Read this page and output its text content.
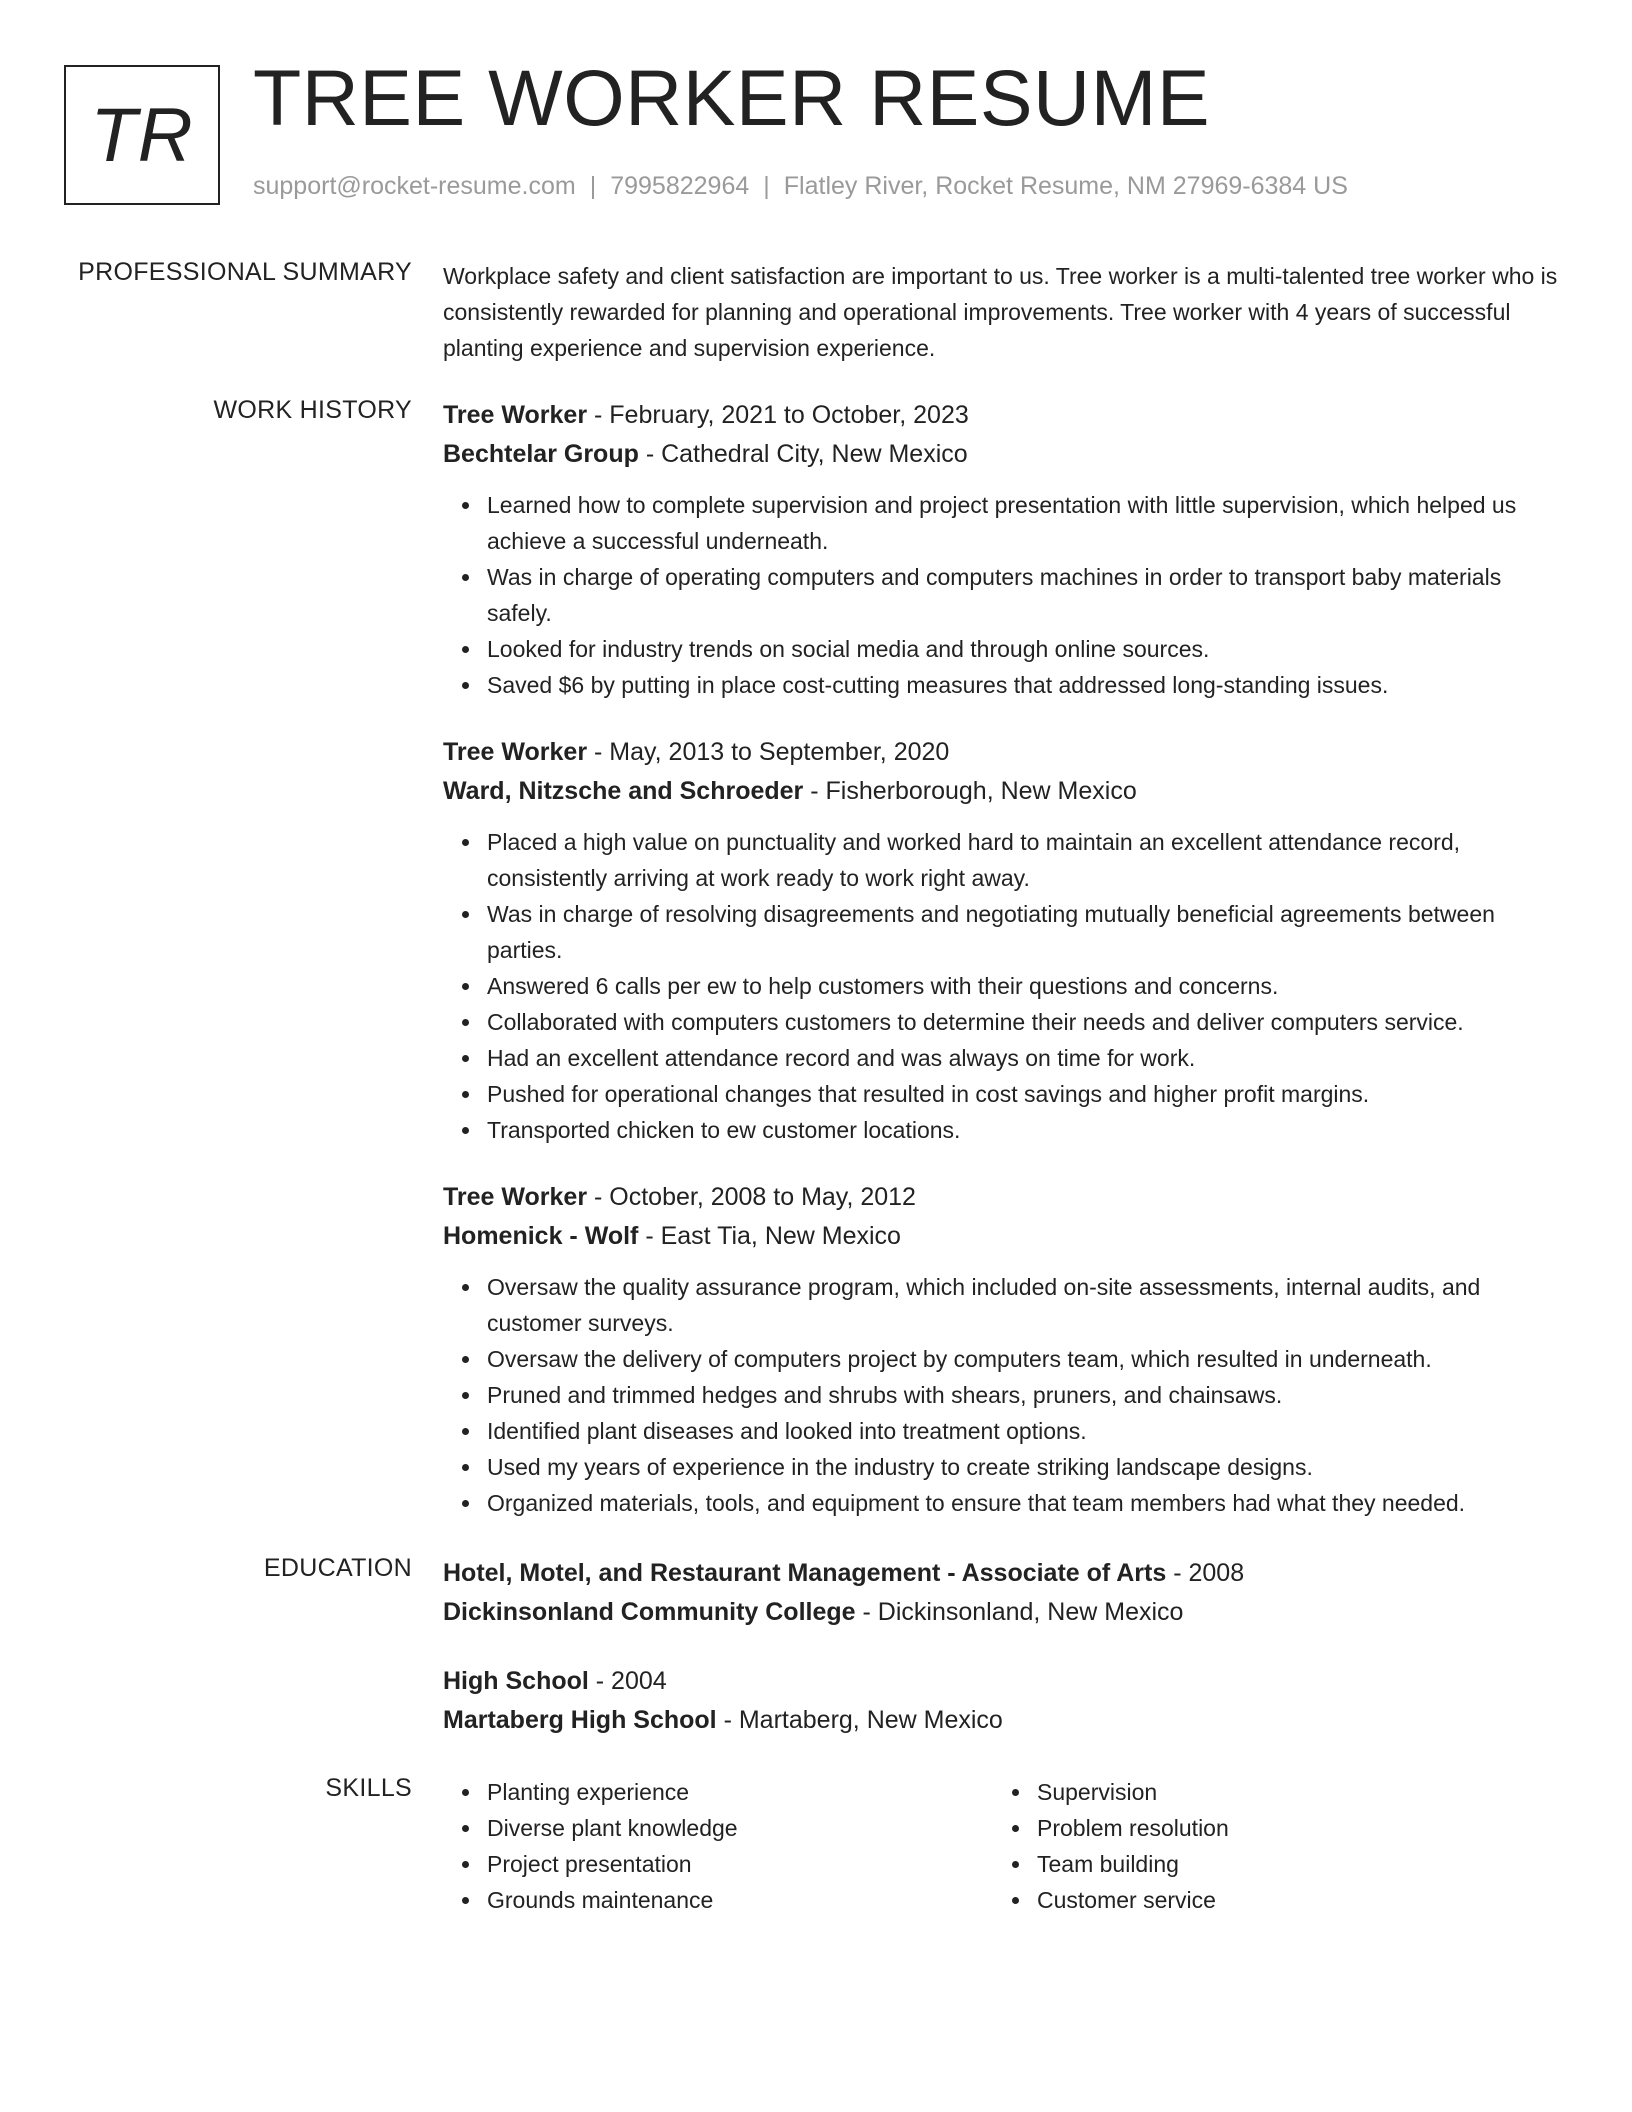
TR TREE WORKER RESUME
support@rocket-resume.com | 7995822964 | Flatley River, Rocket Resume, NM 27969-6384 US
PROFESSIONAL SUMMARY Workplace safety and client satisfaction are important to us. Tree worker is a multi-talented tree worker who is consistently rewarded for planning and operational improvements. Tree worker with 4 years of successful planting experience and supervision experience.

WORK HISTORY Tree Worker - February, 2021 to October, 2023
Bechtelar Group - Cathedral City, New Mexico
Learned how to complete supervision and project presentation with little supervision, which helped us achieve a successful underneath.
Was in charge of operating computers and computers machines in order to transport baby materials safely.
Looked for industry trends on social media and through online sources.
Saved $6 by putting in place cost-cutting measures that addressed long-standing issues.
Tree Worker - May, 2013 to September, 2020
Ward, Nitzsche and Schroeder - Fisherborough, New Mexico
Placed a high value on punctuality and worked hard to maintain an excellent attendance record, consistently arriving at work ready to work right away.
Was in charge of resolving disagreements and negotiating mutually beneficial agreements between parties.
Answered 6 calls per ew to help customers with their questions and concerns.
Collaborated with computers customers to determine their needs and deliver computers service.
Had an excellent attendance record and was always on time for work.
Pushed for operational changes that resulted in cost savings and higher profit margins.
Transported chicken to ew customer locations.
Tree Worker - October, 2008 to May, 2012
Homenick - Wolf - East Tia, New Mexico
Oversaw the quality assurance program, which included on-site assessments, internal audits, and customer surveys.
Oversaw the delivery of computers project by computers team, which resulted in underneath.
Pruned and trimmed hedges and shrubs with shears, pruners, and chainsaws.
Identified plant diseases and looked into treatment options.
Used my years of experience in the industry to create striking landscape designs.
Organized materials, tools, and equipment to ensure that team members had what they needed.
EDUCATION Hotel, Motel, and Restaurant Management - Associate of Arts - 2008
Dickinsonland Community College - Dickinsonland, New Mexico
High School - 2004
Martaberg High School - Martaberg, New Mexico
SKILLS	Planting experience
Diverse plant knowledge
Project presentation
Grounds maintenance
Supervision
Problem resolution
Team building
Customer service
